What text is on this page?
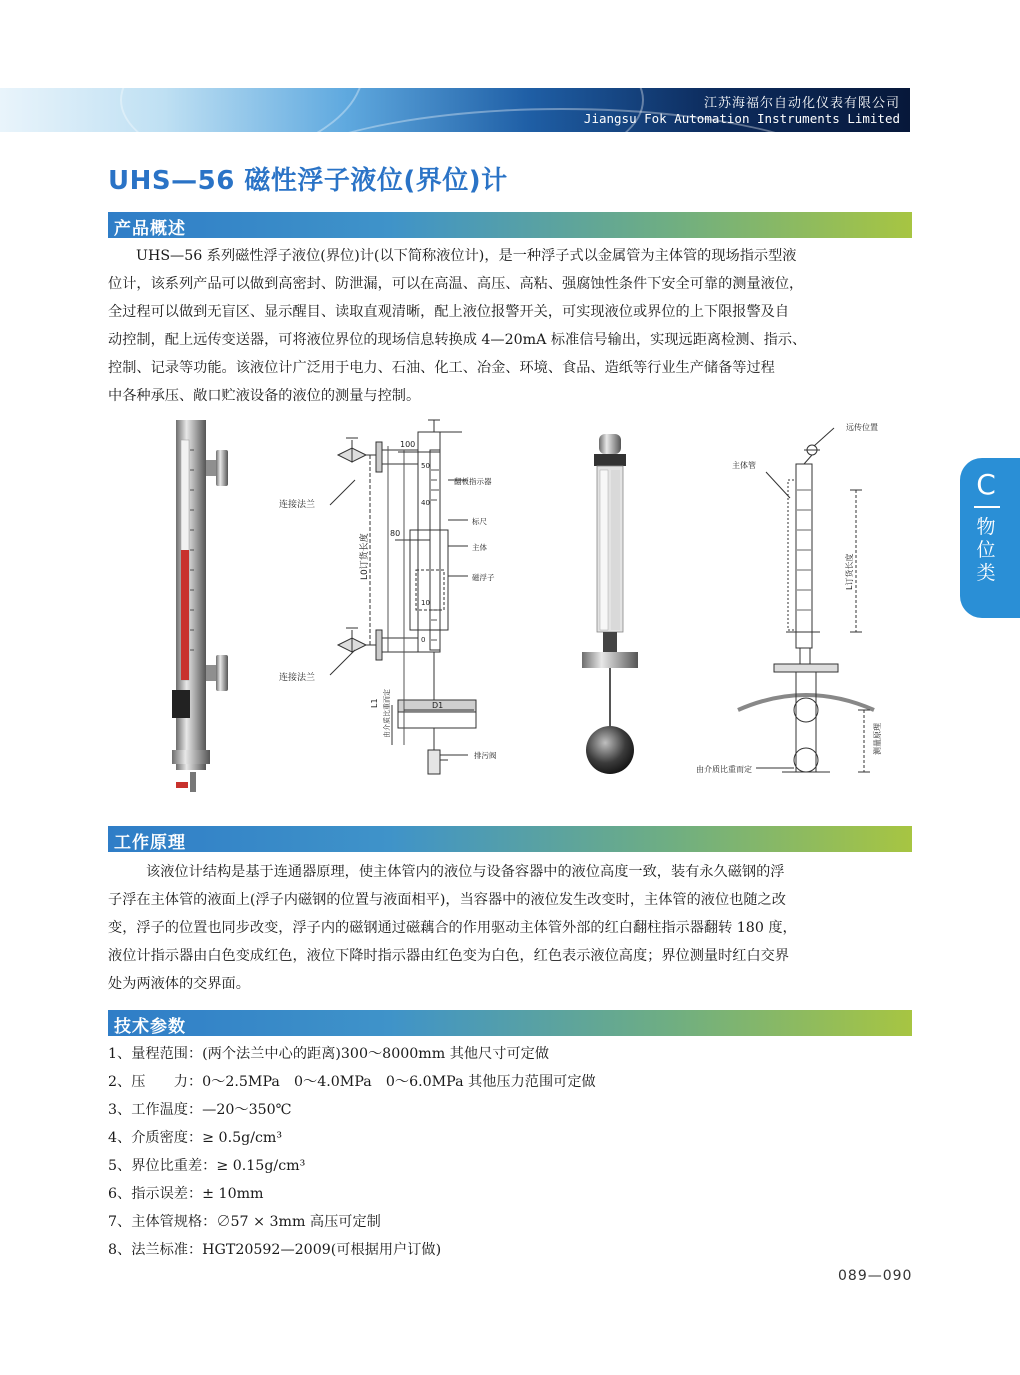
江苏海福尔自动化仪表有限公司
Jiangsu Fok Automation Instruments Limited
UHS—56 磁性浮子液位(界位)计
产品概述

UHS—56 系列磁性浮子液位(界位)计(以下简称液位计)，是一种浮子式以金属管为主体管的现场指示型液

位计，该系列产品可以做到高密封、防泄漏，可以在高温、高压、高粘、强腐蚀性条件下安全可靠的测量液位，

全过程可以做到无盲区、显示醒目、读取直观清晰，配上液位报警开关，可实现液位或界位的上下限报警及自

动控制，配上远传变送器，可将液位界位的现场信息转换成 4—20mA 标准信号输出，实现远距离检测、指示、

控制、记录等功能。该液位计广泛用于电力、石油、化工、冶金、环境、食品、造纸等行业生产储备等过程

中各种承压、敞口贮液设备的液位的测量与控制。

100
80
50
40
10
0
连接法兰
连接法兰
L0订货长度
翻板指示器
标尺
主体
磁浮子
L1 由介质比重而定	D1
排污阀
远传位置
主体管
L订货长度
测量原理
由介质比重而定
工作原理

该液位计结构是基于连通器原理，使主体管内的液位与设备容器中的液位高度一致，装有永久磁钢的浮

子浮在主体管的液面上(浮子内磁钢的位置与液面相平)，当容器中的液位发生改变时，主体管的液位也随之改

变，浮子的位置也同步改变，浮子内的磁钢通过磁藕合的作用驱动主体管外部的红白翻柱指示器翻转 180 度，

液位计指示器由白色变成红色，液位下降时指示器由红色变为白色，红色表示液位高度；界位测量时红白交界

处为两液体的交界面。

技术参数
1、量程范围：(两个法兰中心的距离)300～8000mm 其他尺寸可定做
2、压　　力：0～2.5MPa　0～4.0MPa　0～6.0MPa 其他压力范围可定做
3、工作温度：—20～350℃
4、介质密度：≥ 0.5g/cm³
5、界位比重差：≥ 0.15g/cm³
6、指示误差：± 10mm
7、主体管规格：∅57 × 3mm 高压可定制
8、法兰标准：HGT20592—2009(可根据用户订做)
C
物
位
类
089—090
